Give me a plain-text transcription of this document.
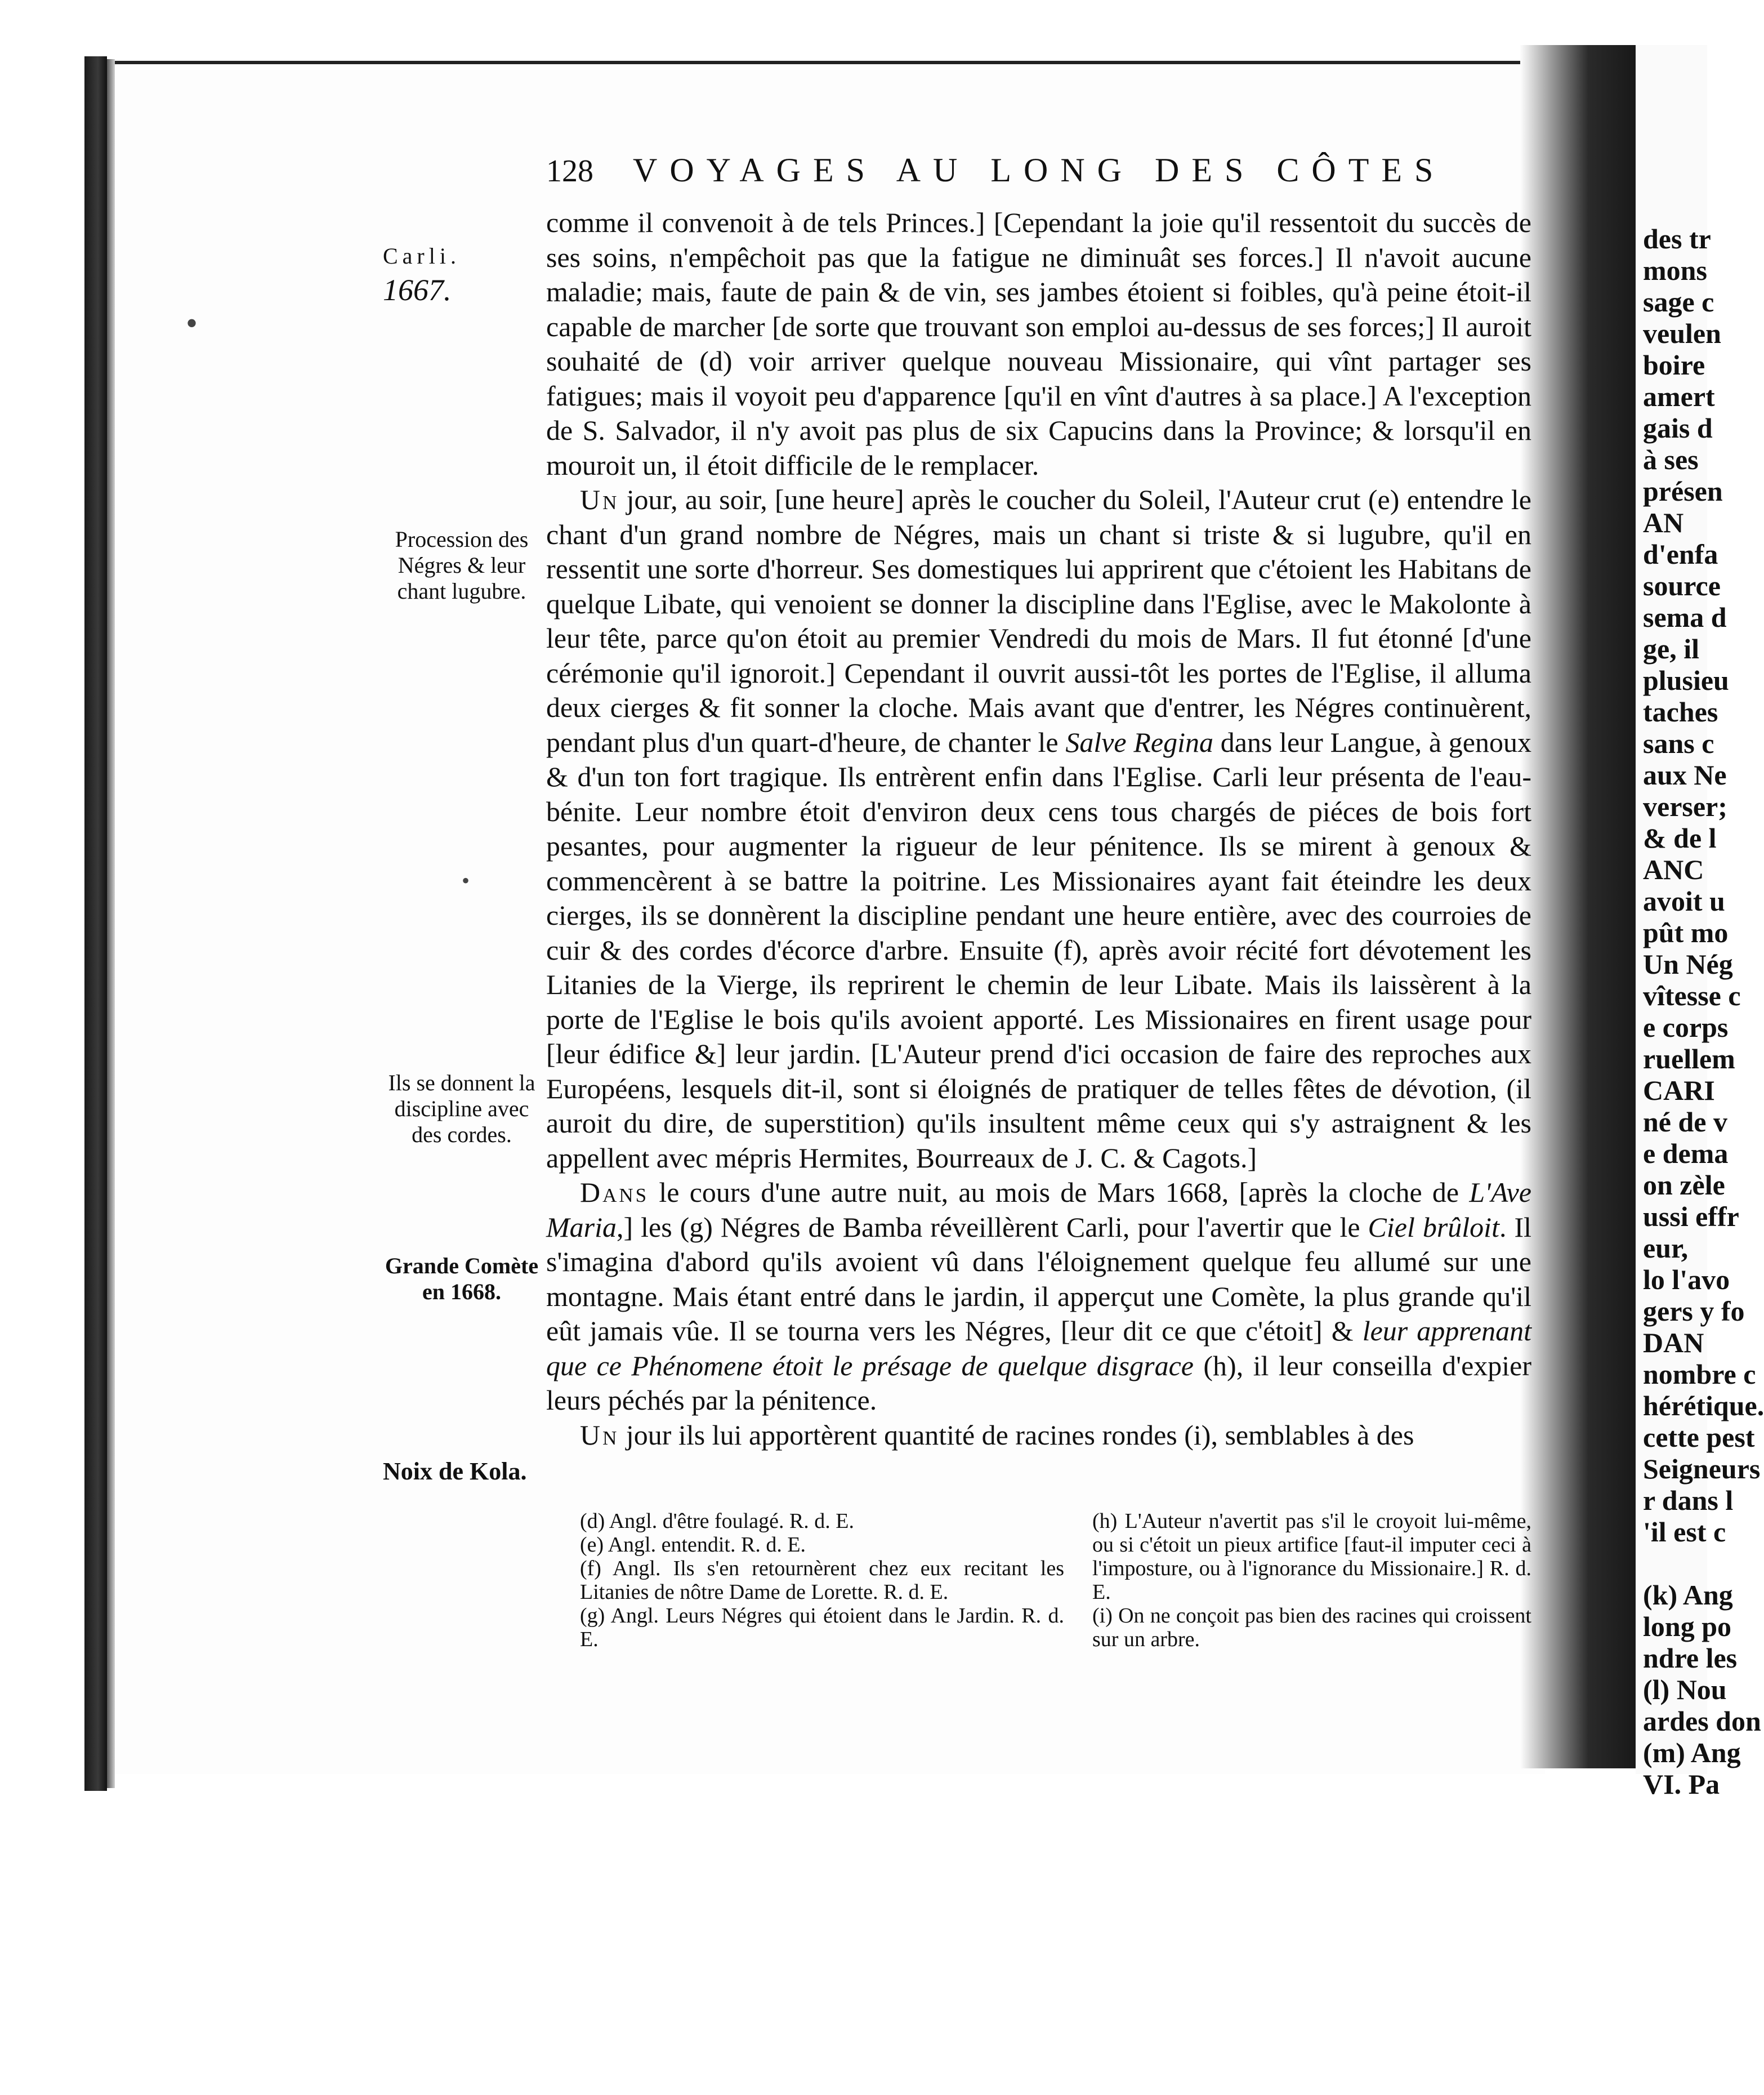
des tr
mons
sage c
veulen
boire
amert
gais d
à ses
présen
AN
d'enfa
source
sema d
ge, il
plusieu
taches
sans c
aux Ne
verser;
& de l
ANC
avoit u
pût mo
Un Nég
vîtesse c
e corps
ruellem
CARI
né de v
e dema
on zèle
ussi effr
eur,
lo l'avo
gers y fo
DAN
nombre c
hérétique.
cette pest
Seigneurs
r dans l
'il est c
(k) Ang
long po
ndre les
(l) Nou
ardes don
(m) Ang
VI. Pa
128 VOYAGES AU LONG DES CÔTES
Carli.
1667.
Procession des Négres & leur chant lugubre.
Ils se donnent la discipline avec des cordes.
Grande Comète en 1668.
Noix de Kola.

comme il convenoit à de tels Princes.] [Cependant la joie qu'il ressentoit du succès de ses soins, n'empêchoit pas que la fatigue ne diminuât ses forces.] Il n'avoit aucune maladie; mais, faute de pain & de vin, ses jambes étoient si foibles, qu'à peine étoit-il capable de marcher [de sorte que trouvant son emploi au-dessus de ses forces;] Il auroit souhaité de (d) voir arriver quelque nouveau Missionaire, qui vînt partager ses fatigues; mais il voyoit peu d'apparence [qu'il en vînt d'autres à sa place.] A l'exception de S. Salvador, il n'y avoit pas plus de six Capucins dans la Province; & lorsqu'il en mouroit un, il étoit difficile de le remplacer.

Un jour, au soir, [une heure] après le coucher du Soleil, l'Auteur crut (e) entendre le chant d'un grand nombre de Négres, mais un chant si triste & si lugubre, qu'il en ressentit une sorte d'horreur. Ses domestiques lui apprirent que c'étoient les Habitans de quelque Libate, qui venoient se donner la discipline dans l'Eglise, avec le Makolonte à leur tête, parce qu'on étoit au premier Vendredi du mois de Mars. Il fut étonné [d'une cérémonie qu'il ignoroit.] Cependant il ouvrit aussi-tôt les portes de l'Eglise, il alluma deux cierges & fit sonner la cloche. Mais avant que d'entrer, les Négres continuèrent, pendant plus d'un quart-d'heure, de chanter le Salve Regina dans leur Langue, à genoux & d'un ton fort tragique. Ils entrèrent enfin dans l'Eglise. Carli leur présenta de l'eau-bénite. Leur nombre étoit d'environ deux cens tous chargés de piéces de bois fort pesantes, pour augmenter la rigueur de leur pénitence. Ils se mirent à genoux & commencèrent à se battre la poitrine. Les Missionaires ayant fait éteindre les deux cierges, ils se donnèrent la discipline pendant une heure entière, avec des courroies de cuir & des cordes d'écorce d'arbre. Ensuite (f), après avoir récité fort dévotement les Litanies de la Vierge, ils reprirent le chemin de leur Libate. Mais ils laissèrent à la porte de l'Eglise le bois qu'ils avoient apporté. Les Missionaires en firent usage pour [leur édifice &] leur jardin. [L'Auteur prend d'ici occasion de faire des reproches aux Européens, lesquels dit-il, sont si éloignés de pratiquer de telles fêtes de dévotion, (il auroit du dire, de superstition) qu'ils insultent même ceux qui s'y astraignent & les appellent avec mépris Hermites, Bourreaux de J. C. & Cagots.]

Dans le cours d'une autre nuit, au mois de Mars 1668, [après la cloche de L'Ave Maria,] les (g) Négres de Bamba réveillèrent Carli, pour l'avertir que le Ciel brûloit. Il s'imagina d'abord qu'ils avoient vû dans l'éloignement quelque feu allumé sur une montagne. Mais étant entré dans le jardin, il apperçut une Comète, la plus grande qu'il eût jamais vûe. Il se tourna vers les Négres, [leur dit ce que c'étoit] & leur apprenant que ce Phénomene étoit le présage de quelque disgrace (h), il leur conseilla d'expier leurs péchés par la pénitence.

Un jour ils lui apportèrent quantité de racines rondes (i), semblables à des

(d) Angl. d'être foulagé. R. d. E.

(e) Angl. entendit. R. d. E.

(f) Angl. Ils s'en retournèrent chez eux recitant les Litanies de nôtre Dame de Lorette. R. d. E.

(g) Angl. Leurs Négres qui étoient dans le Jardin. R. d. E.

(h) L'Auteur n'avertit pas s'il le croyoit lui-même, ou si c'étoit un pieux artifice [faut-il imputer ceci à l'imposture, ou à l'ignorance du Missionaire.] R. d. E.

(i) On ne conçoit pas bien des racines qui croissent sur un arbre.

•
•
